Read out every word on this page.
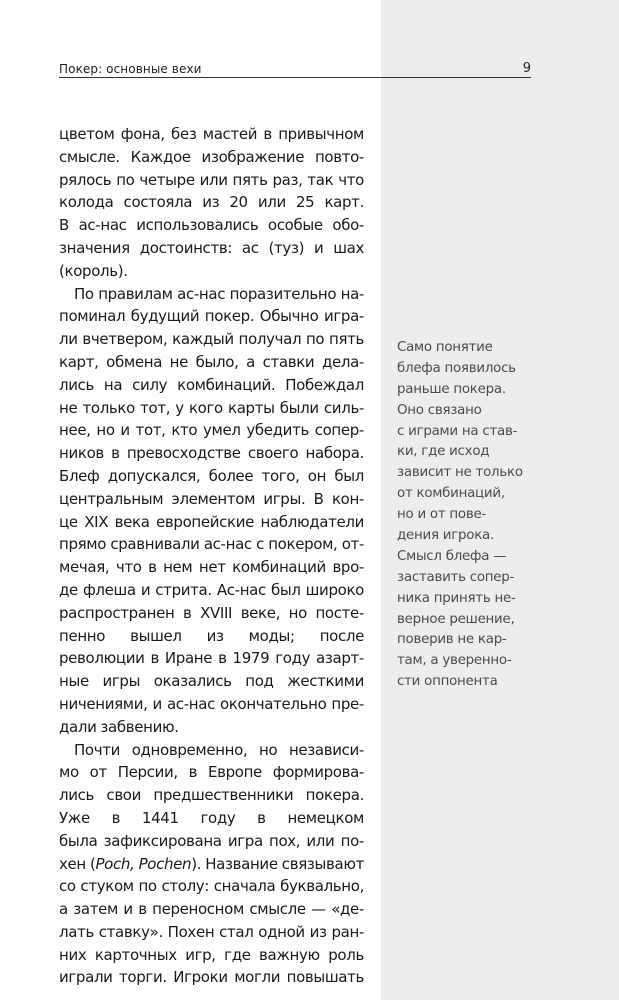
Покер: основные вехи	9
цветом фона, без мастей в привычном
смысле. Каждое изображение повто-
рялось по четыре или пять раз, так что
колода состояла из 20 или 25 карт.
В ас-нас использовались особые обо-
значения достоинств: ас (туз) и шах
(король).
По правилам ас-нас поразительно на-
поминал будущий покер. Обычно игра-
ли вчетвером, каждый получал по пять
карт, обмена не было, а ставки дела-
лись на силу комбинаций. Побеждал
не только тот, у кого карты были силь-
нее, но и тот, кто умел убедить сопер-
ников в превосходстве своего набора.
Блеф допускался, более того, он был
центральным элементом игры. В кон-
це XIX века европейские наблюдатели
прямо сравнивали ас-нас с покером, от-
мечая, что в нем нет комбинаций вро-
де флеша и стрита. Ас-нас был широко
распространен в XVIII веке, но посте-
пенно вышел из моды; после
революции в Иране в 1979 году азарт-
ные игры оказались под жесткими
ничениями, и ас-нас окончательно пре-
дали забвению.
Почти одновременно, но независи-
мо от Персии, в Европе формирова-
лись свои предшественники покера.
Уже в 1441 году в немецком
была зафиксирована игра пох, или по-
хен (Poch, Pochen). Название связывают
со стуком по столу: сначала буквально,
а затем и в переносном смысле — «де-
лать ставку». Похен стал одной из ран-
них карточных игр, где важную роль
играли торги. Игроки могли повышать
Само понятие
блефа появилось
раньше покера.
Оно связано
с играми на став-
ки, где исход
зависит не только
от комбинаций,
но и от пове-
дения игрока.
Смысл блефа —
заставить сопер-
ника принять не-
верное решение,
поверив не кар-
там, а уверенно-
сти оппонента
